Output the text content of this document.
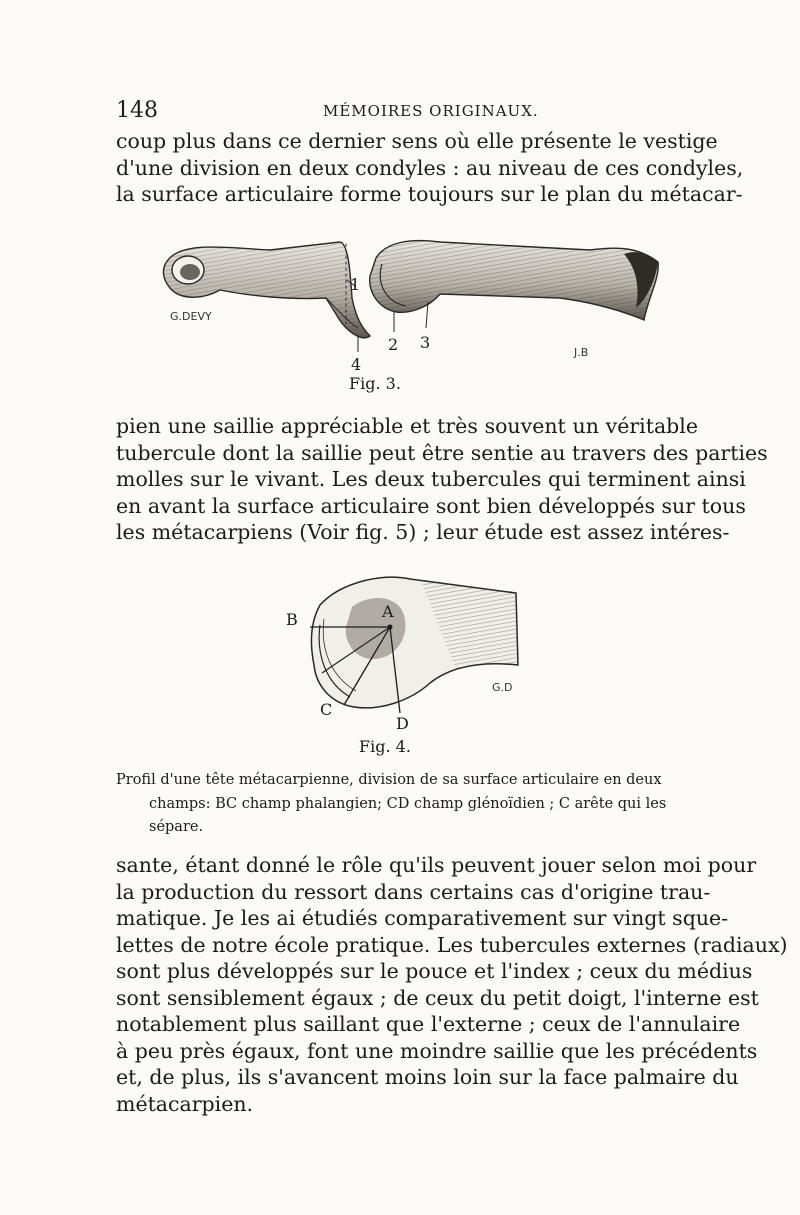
148	MÉMOIRES ORIGINAUX.
coup plus dans ce dernier sens où elle présente le vestige
d'une division en deux condyles : au niveau de ces condyles,
la surface articulaire forme toujours sur le plan du métacar-
1
2 3
4
G.DEVY
J.B
Fig. 3.
pien une saillie appréciable et très souvent un véritable
tubercule dont la saillie peut être sentie au travers des parties
molles sur le vivant. Les deux tubercules qui terminent ainsi
en avant la surface articulaire sont bien développés sur tous
les métacarpiens (Voir fig. 5) ; leur étude est assez intéres-
A
B
C
D
G.D
Fig. 4.
Profil d'une tête métacarpienne, division de sa surface articulaire en deux
champs: BC champ phalangien; CD champ glénoïdien ; C arête qui les
sépare.
sante, étant donné le rôle qu'ils peuvent jouer selon moi pour
la production du ressort dans certains cas d'origine trau-
matique. Je les ai étudiés comparativement sur vingt sque-
lettes de notre école pratique. Les tubercules externes (radiaux)
sont plus développés sur le pouce et l'index ; ceux du médius
sont sensiblement égaux ; de ceux du petit doigt, l'interne est
notablement plus saillant que l'externe ; ceux de l'annulaire
à peu près égaux, font une moindre saillie que les précédents
et, de plus, ils s'avancent moins loin sur la face palmaire du
métacarpien.
